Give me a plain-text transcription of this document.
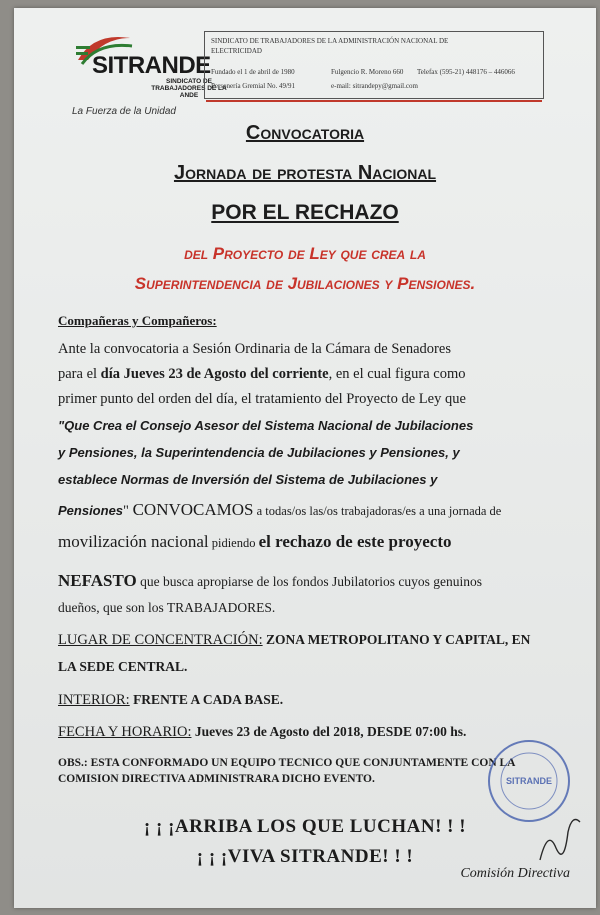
SITRANDE
SINDICATO DE TRABAJADORES DE LA ANDE
La Fuerza de la Unidad
SINDICATO DE TRABAJADORES DE LA ADMINISTRACIÓN NACIONAL DE
ELECTRICIDAD
Fundado el 1 de abril de 1980	Fulgencio R. Moreno 660 Telefax (595-21) 448176 – 446066
Personería Gremial No. 49/91	e-mail: sitrandepy@gmail.com
Convocatoria
Jornada de protesta Nacional
POR EL RECHAZO
del Proyecto de Ley que crea la
Superintendencia de Jubilaciones y Pensiones.
Compañeras y Compañeros:
Ante la convocatoria a Sesión Ordinaria de la Cámara de Senadores
para el día Jueves 23 de Agosto del corriente, en el cual figura como
primer punto del orden del día, el tratamiento del Proyecto de Ley que
"Que Crea el Consejo Asesor del Sistema Nacional de Jubilaciones
y Pensiones, la Superintendencia de Jubilaciones y Pensiones, y
establece Normas de Inversión del Sistema de Jubilaciones y
Pensiones" CONVOCAMOS a todas/os las/os trabajadoras/es a una jornada de
movilización nacional pidiendo el rechazo de este proyecto
NEFASTO que busca apropiarse de los fondos Jubilatorios cuyos genuinos
dueños, que son los TRABAJADORES.
LUGAR DE CONCENTRACIÓN: ZONA METROPOLITANO Y CAPITAL, EN
LA SEDE CENTRAL.
INTERIOR: FRENTE A CADA BASE.
FECHA Y HORARIO: Jueves 23 de Agosto del 2018, DESDE 07:00 hs.
OBS.: ESTA CONFORMADO UN EQUIPO TECNICO QUE CONJUNTAMENTE CON LA
COMISION DIRECTIVA ADMINISTRARA DICHO EVENTO.	SITRANDE
¡ ¡ ¡ARRIBA LOS QUE LUCHAN! ! !
¡ ¡ ¡VIVA SITRANDE! ! !
Comisión Directiva
